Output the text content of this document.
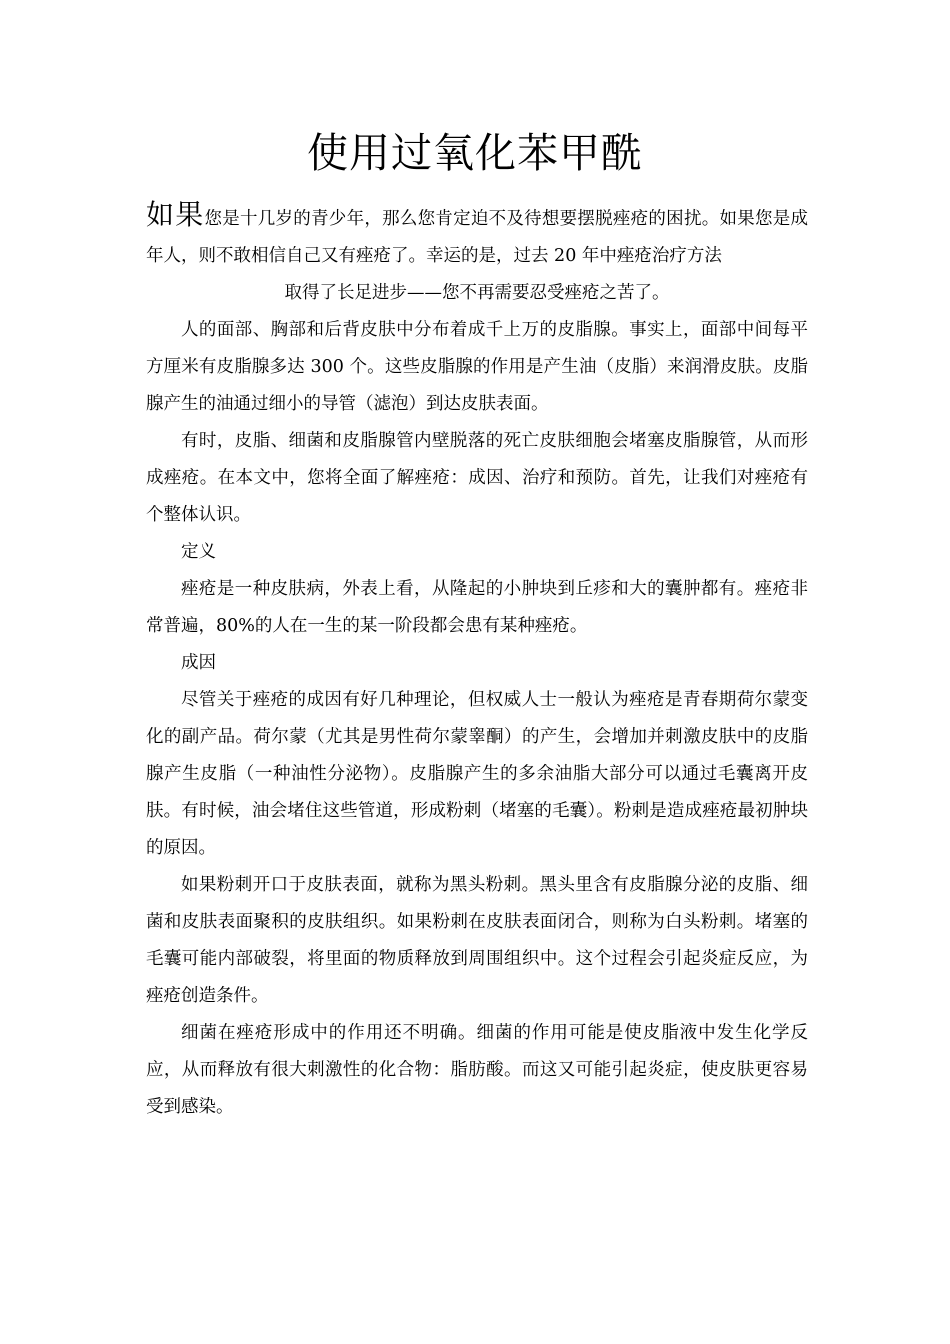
使用过氧化苯甲酰

如果您是十几岁的青少年，那么您肯定迫不及待想要摆脱痤疮的困扰。如果您是成年人，则不敢相信自己又有痤疮了。幸运的是，过去 20 年中痤疮治疗方法

取得了长足进步——您不再需要忍受痤疮之苦了。

人的面部、胸部和后背皮肤中分布着成千上万的皮脂腺。事实上，面部中间每平方厘米有皮脂腺多达 300 个。这些皮脂腺的作用是产生油（皮脂）来润滑皮肤。皮脂腺产生的油通过细小的导管（滤泡）到达皮肤表面。

有时，皮脂、细菌和皮脂腺管内壁脱落的死亡皮肤细胞会堵塞皮脂腺管，从而形成痤疮。在本文中，您将全面了解痤疮：成因、治疗和预防。首先，让我们对痤疮有个整体认识。

定义

痤疮是一种皮肤病，外表上看，从隆起的小肿块到丘疹和大的囊肿都有。痤疮非常普遍，80%的人在一生的某一阶段都会患有某种痤疮。

成因

尽管关于痤疮的成因有好几种理论，但权威人士一般认为痤疮是青春期荷尔蒙变化的副产品。荷尔蒙（尤其是男性荷尔蒙睾酮）的产生，会增加并刺激皮肤中的皮脂腺产生皮脂（一种油性分泌物）。皮脂腺产生的多余油脂大部分可以通过毛囊离开皮肤。有时候，油会堵住这些管道，形成粉刺（堵塞的毛囊）。粉刺是造成痤疮最初肿块的原因。

如果粉刺开口于皮肤表面，就称为黑头粉刺。黑头里含有皮脂腺分泌的皮脂、细菌和皮肤表面聚积的皮肤组织。如果粉刺在皮肤表面闭合，则称为白头粉刺。堵塞的毛囊可能内部破裂，将里面的物质释放到周围组织中。这个过程会引起炎症反应，为痤疮创造条件。

细菌在痤疮形成中的作用还不明确。细菌的作用可能是使皮脂液中发生化学反应，从而释放有很大刺激性的化合物：脂肪酸。而这又可能引起炎症，使皮肤更容易受到感染。
